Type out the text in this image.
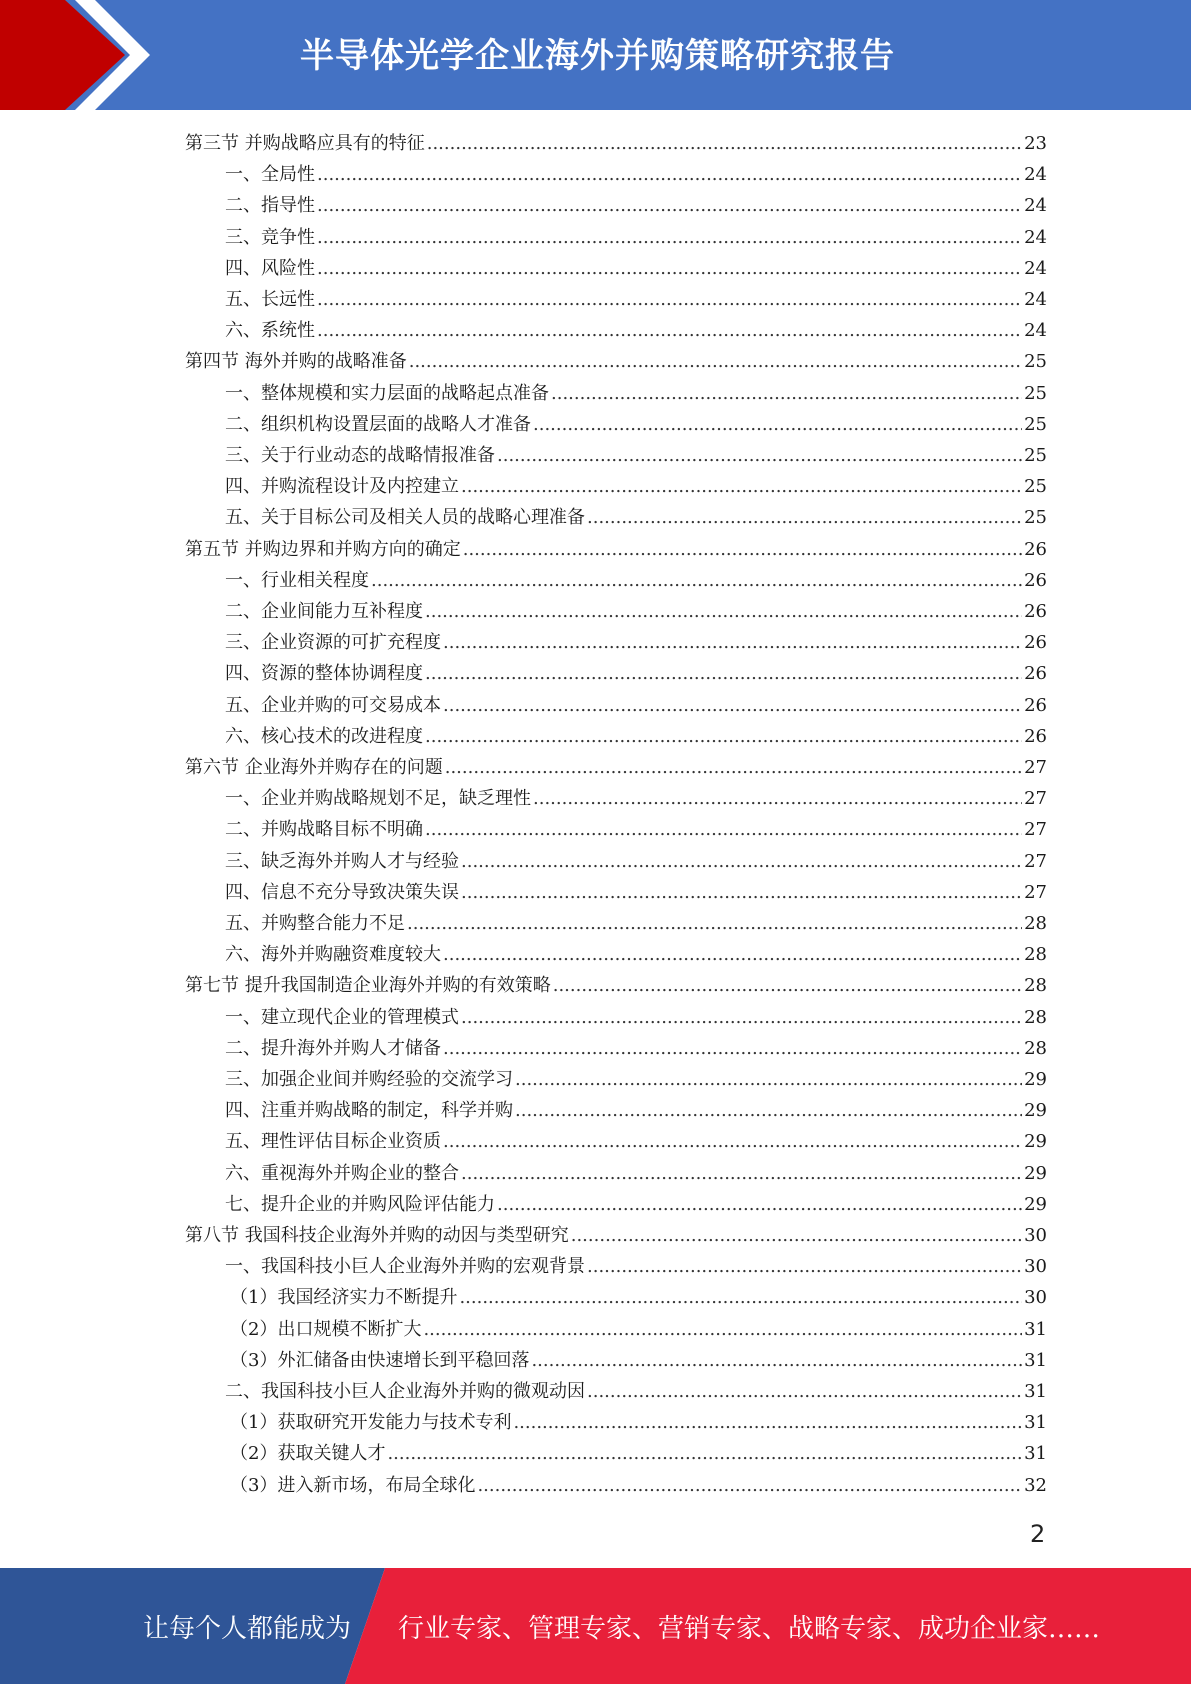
半导体光学企业海外并购策略研究报告
第三节 并购战略应具有的特征 .....	23
一、全局性 .....	24
二、指导性 .....	24
三、竞争性 .....	24
四、风险性 .....	24
五、长远性 .....	24
六、系统性 .....	24
第四节 海外并购的战略准备 .....	25
一、整体规模和实力层面的战略起点准备 .....	25
二、组织机构设置层面的战略人才准备 .....	25
三、关于行业动态的战略情报准备 .....	25
四、并购流程设计及内控建立 .....	25
五、关于目标公司及相关人员的战略心理准备 .....	25
第五节 并购边界和并购方向的确定 .....	26
一、行业相关程度 .....	26
二、企业间能力互补程度 .....	26
三、企业资源的可扩充程度 .....	26
四、资源的整体协调程度 .....	26
五、企业并购的可交易成本 .....	26
六、核心技术的改进程度 .....	26
第六节 企业海外并购存在的问题 .....	27
一、企业并购战略规划不足，缺乏理性 .....	27
二、并购战略目标不明确 .....	27
三、缺乏海外并购人才与经验 .....	27
四、信息不充分导致决策失误 .....	27
五、并购整合能力不足 .....	28
六、海外并购融资难度较大 .....	28
第七节 提升我国制造企业海外并购的有效策略 .....	28
一、建立现代企业的管理模式 .....	28
二、提升海外并购人才储备 .....	28
三、加强企业间并购经验的交流学习 .....	29
四、注重并购战略的制定，科学并购 .....	29
五、理性评估目标企业资质 .....	29
六、重视海外并购企业的整合 .....	29
七、提升企业的并购风险评估能力 .....	29
第八节 我国科技企业海外并购的动因与类型研究 .....	30
一、我国科技小巨人企业海外并购的宏观背景 .....	30
（1）我国经济实力不断提升 .....	30
（2）出口规模不断扩大 .....	31
（3）外汇储备由快速增长到平稳回落 .....	31
二、我国科技小巨人企业海外并购的微观动因 .....	31
（1）获取研究开发能力与技术专利 .....	31
（2）获取关键人才 .....	31
（3）进入新市场，布局全球化 .....	32
2
让每个人都能成为 行业专家、管理专家、营销专家、战略专家、成功企业家……
